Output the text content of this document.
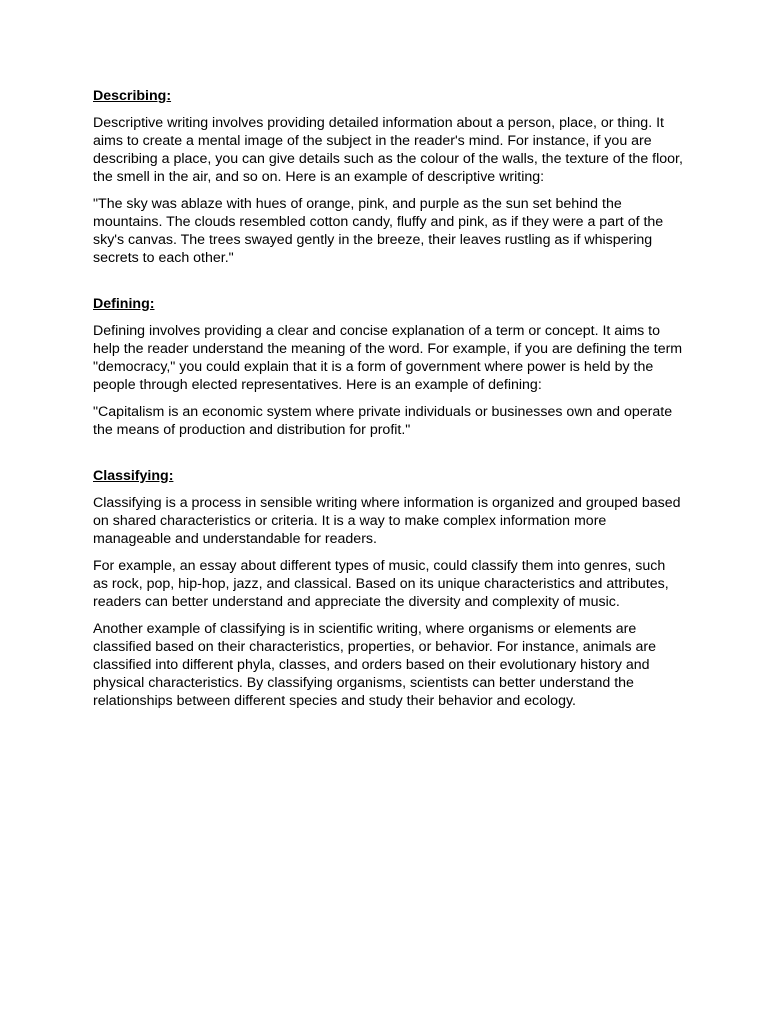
Describing:

Descriptive writing involves providing detailed information about a person, place, or thing. It aims to create a mental image of the subject in the reader's mind. For instance, if you are describing a place, you can give details such as the colour of the walls, the texture of the floor, the smell in the air, and so on. Here is an example of descriptive writing:

"The sky was ablaze with hues of orange, pink, and purple as the sun set behind the mountains. The clouds resembled cotton candy, fluffy and pink, as if they were a part of the sky's canvas. The trees swayed gently in the breeze, their leaves rustling as if whispering secrets to each other."

Defining:

Defining involves providing a clear and concise explanation of a term or concept. It aims to help the reader understand the meaning of the word. For example, if you are defining the term "democracy," you could explain that it is a form of government where power is held by the people through elected representatives. Here is an example of defining:

"Capitalism is an economic system where private individuals or businesses own and operate the means of production and distribution for profit."

Classifying:

Classifying is a process in sensible writing where information is organized and grouped based on shared characteristics or criteria. It is a way to make complex information more manageable and understandable for readers.

For example, an essay about different types of music, could classify them into genres, such as rock, pop, hip-hop, jazz, and classical. Based on its unique characteristics and attributes, readers can better understand and appreciate the diversity and complexity of music.

Another example of classifying is in scientific writing, where organisms or elements are classified based on their characteristics, properties, or behavior. For instance, animals are classified into different phyla, classes, and orders based on their evolutionary history and physical characteristics. By classifying organisms, scientists can better understand the relationships between different species and study their behavior and ecology.
